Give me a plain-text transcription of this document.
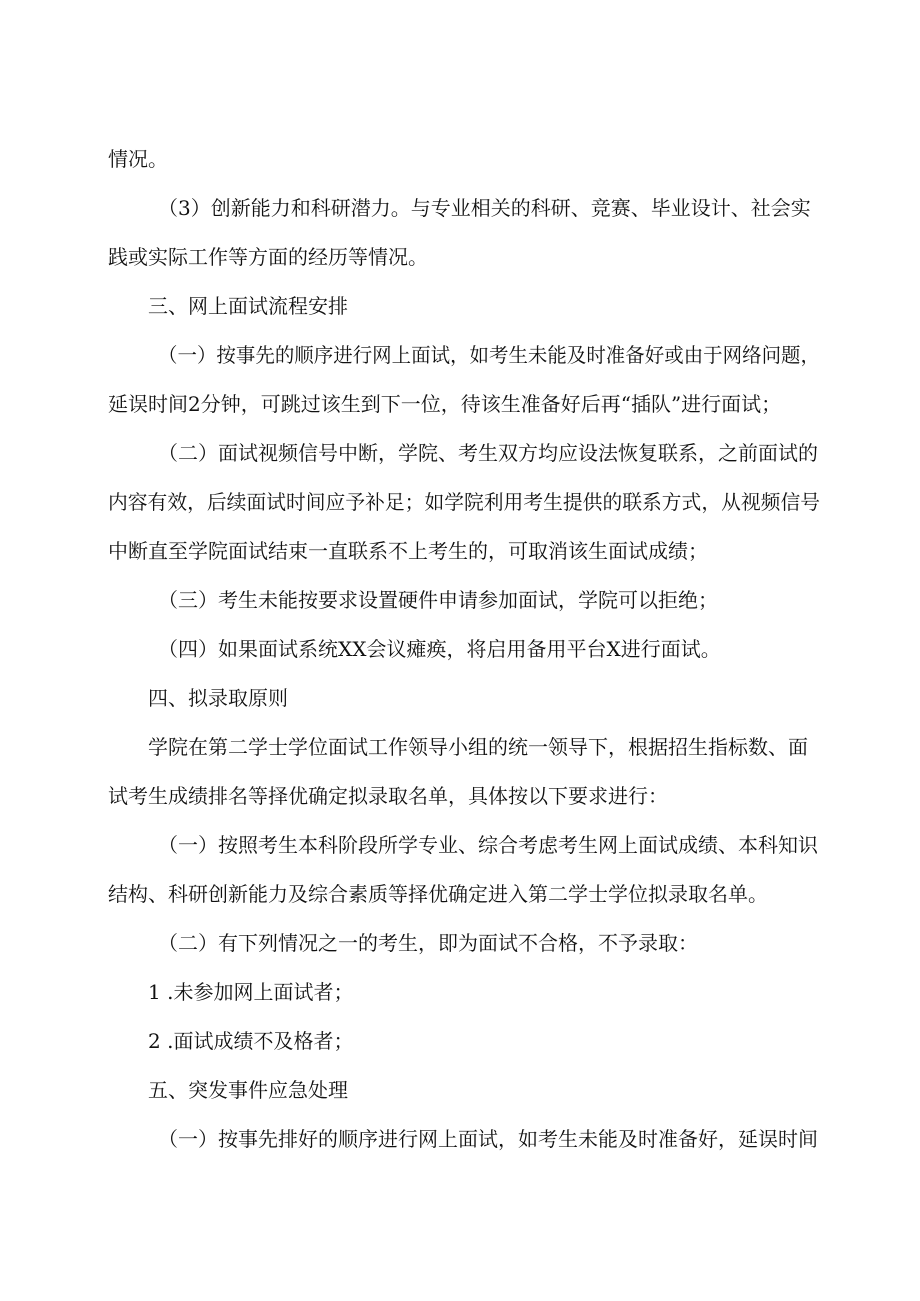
情况。
（3）创新能力和科研潜力。与专业相关的科研、竞赛、毕业设计、社会实
践或实际工作等方面的经历等情况。
三、网上面试流程安排
（一）按事先的顺序进行网上面试，如考生未能及时准备好或由于网络问题，
延误时间2分钟，可跳过该生到下一位，待该生准备好后再“插队”进行面试；
（二）面试视频信号中断，学院、考生双方均应设法恢复联系，之前面试的
内容有效，后续面试时间应予补足；如学院利用考生提供的联系方式，从视频信号
中断直至学院面试结束一直联系不上考生的，可取消该生面试成绩；
（三）考生未能按要求设置硬件申请参加面试，学院可以拒绝；
（四）如果面试系统XX会议瘫痪，将启用备用平台X进行面试。
四、拟录取原则
学院在第二学士学位面试工作领导小组的统一领导下，根据招生指标数、面
试考生成绩排名等择优确定拟录取名单，具体按以下要求进行：
（一）按照考生本科阶段所学专业、综合考虑考生网上面试成绩、本科知识
结构、科研创新能力及综合素质等择优确定进入第二学士学位拟录取名单。
（二）有下列情况之一的考生，即为面试不合格，不予录取：
1 .未参加网上面试者；
2 .面试成绩不及格者；
五、突发事件应急处理
（一）按事先排好的顺序进行网上面试，如考生未能及时准备好，延误时间
